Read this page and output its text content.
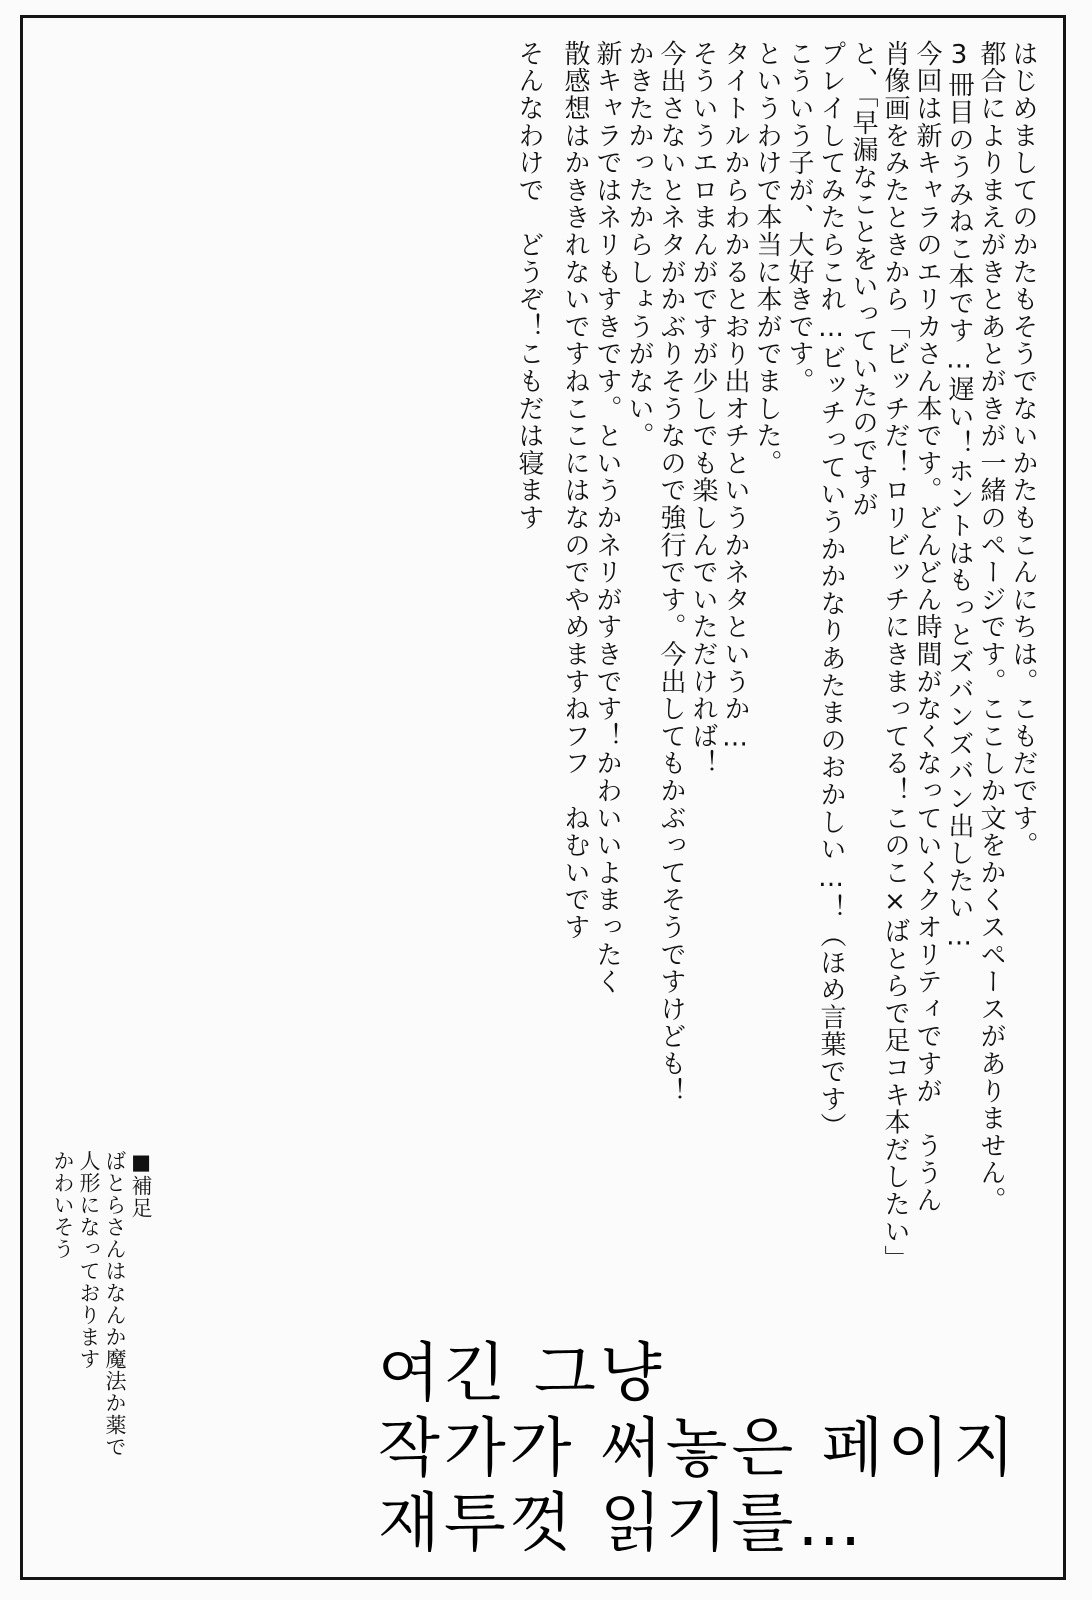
はじめましてのかたもそうでないかたもこんにちは。こもだです。
都合によりまえがきとあとがきが一緒のページです。ここしか文をかくスペースがありません。
3冊目のうみねこ本です…遅い！ホントはもっとズバンズバン出したい…
今回は新キャラのエリカさん本です。どんどん時間がなくなっていくクオリティですが　ううん
肖像画をみたときから「ビッチだ！ロリビッチにきまってる！このこ×ばとらで足コキ本だしたい」
と、「早漏なことをいっていたのですが
プレイしてみたらこれ…ビッチっていうかかなりあたまのおかしい…！（ほめ言葉です）
こういう子が、大好きです。
というわけで本当に本がでました。
タイトルからわかるとおり出オチというかネタというか…
そういうエロまんがですが少しでも楽しんでいただければ！
今出さないとネタがかぶりそうなので強行です。今出してもかぶってそうですけども！
かきたかったからしょうがない。
新キャラではネリもすきです。というかネリがすきです！かわいいよまったく
散感想はかききれないですねここにはなのでやめますねフフ　ねむいです
そんなわけで　どうぞ！こもだは寝ます
■補足
ばとらさんはなんか魔法か薬で
人形になっております
かわいそう
여긴 그냥
작가가 써놓은 페이지
재투껏 읽기를…
